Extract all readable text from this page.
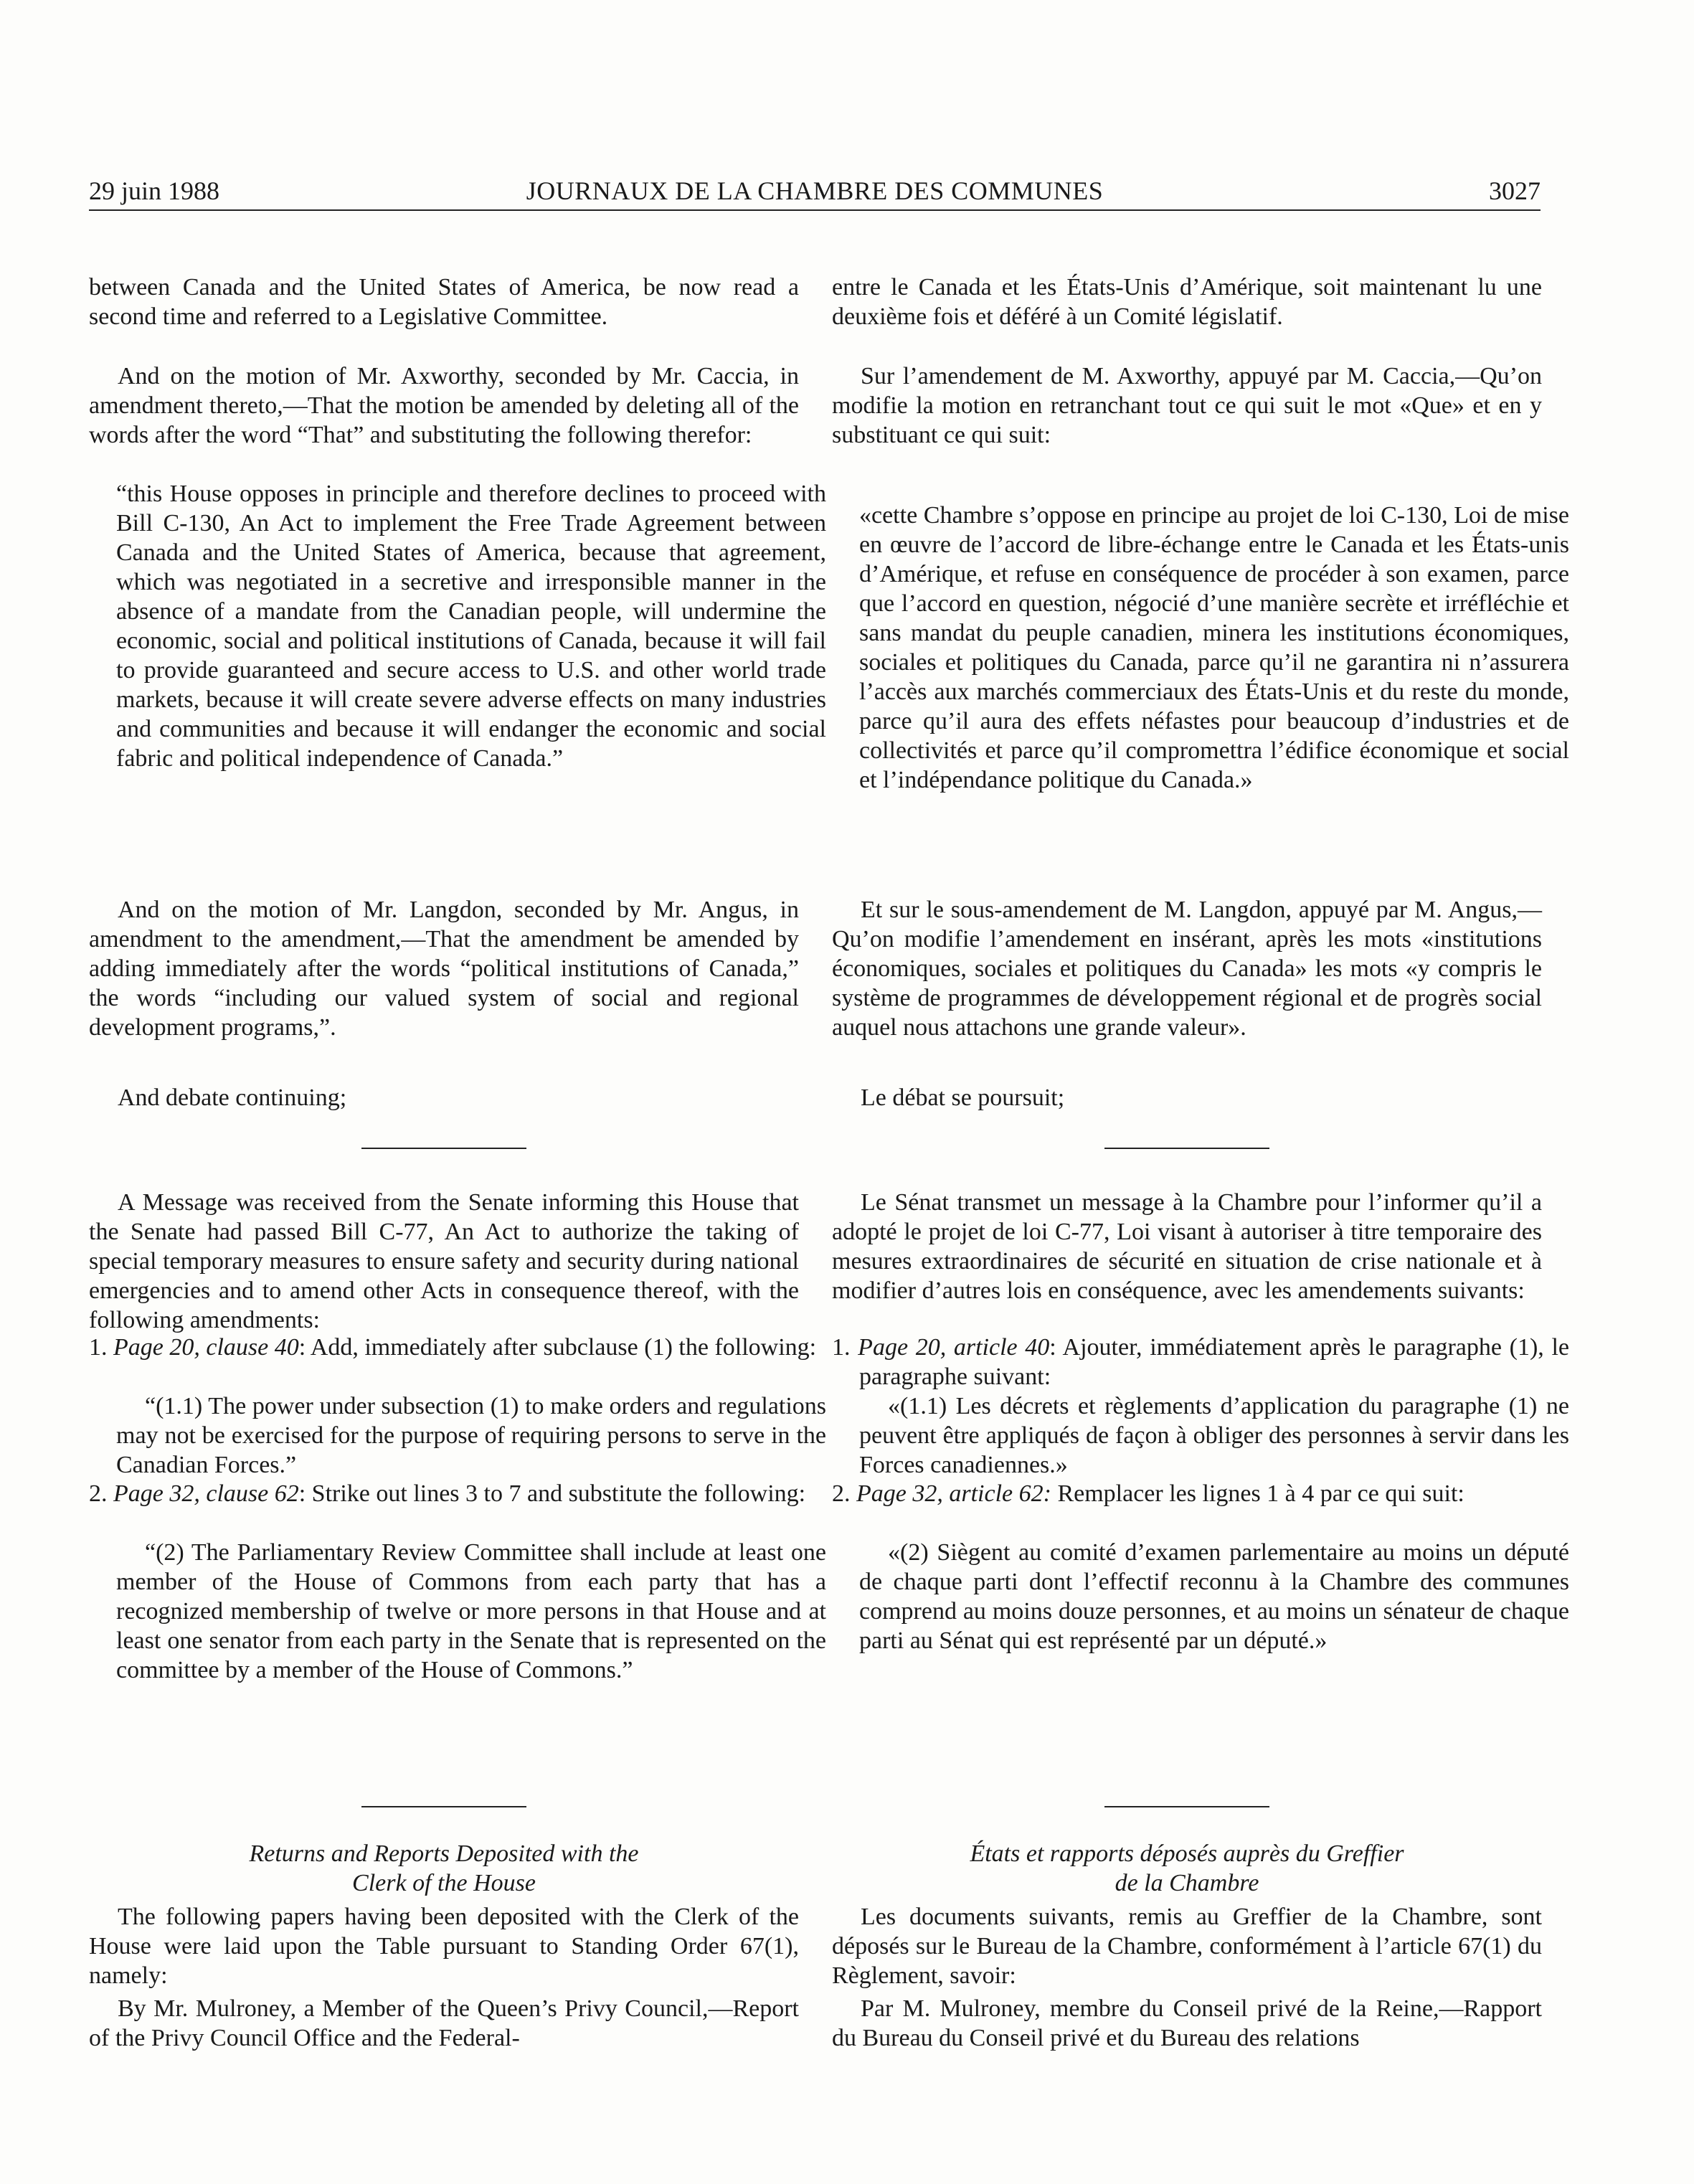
29 juin 1988	JOURNAUX DE LA CHAMBRE DES COMMUNES	3027

between Canada and the United States of America, be now read a second time and referred to a Legislative Committee.

And on the motion of Mr. Axworthy, seconded by Mr. Caccia, in amendment thereto,—That the motion be amended by deleting all of the words after the word “That” and substituting the following therefor:

“this House opposes in principle and therefore declines to proceed with Bill C-130, An Act to implement the Free Trade Agreement between Canada and the United States of America, because that agreement, which was negotiated in a secretive and irresponsible manner in the absence of a mandate from the Canadian people, will undermine the economic, social and political institutions of Canada, because it will fail to provide guaranteed and secure access to U.S. and other world trade markets, because it will create severe adverse effects on many industries and communities and because it will endanger the economic and social fabric and political independence of Canada.”

And on the motion of Mr. Langdon, seconded by Mr. Angus, in amendment to the amendment,—That the amendment be amended by adding immediately after the words “political institutions of Canada,” the words “including our valued system of social and regional development programs,”.

And debate continuing;

A Message was received from the Senate informing this House that the Senate had passed Bill C-77, An Act to authorize the taking of special temporary measures to ensure safety and security during national emergencies and to amend other Acts in consequence thereof, with the following amendments:

1. Page 20, clause 40: Add, immediately after subclause (1) the following:

“(1.1) The power under subsection (1) to make orders and regulations may not be exercised for the purpose of requiring persons to serve in the Canadian Forces.”

2. Page 32, clause 62: Strike out lines 3 to 7 and substitute the following:

“(2) The Parliamentary Review Committee shall include at least one member of the House of Commons from each party that has a recognized membership of twelve or more persons in that House and at least one senator from each party in the Senate that is represented on the committee by a member of the House of Commons.”

Returns and Reports Deposited with the
Clerk of the House

The following papers having been deposited with the Clerk of the House were laid upon the Table pursuant to Standing Order 67(1), namely:

By Mr. Mulroney, a Member of the Queen’s Privy Council,—Report of the Privy Council Office and the Federal-

entre le Canada et les États-Unis d’Amérique, soit maintenant lu une deuxième fois et déféré à un Comité législatif.

Sur l’amendement de M. Axworthy, appuyé par M. Caccia,—Qu’on modifie la motion en retranchant tout ce qui suit le mot «Que» et en y substituant ce qui suit:

«cette Chambre s’oppose en principe au projet de loi C-130, Loi de mise en œuvre de l’accord de libre-échange entre le Canada et les États-unis d’Amérique, et refuse en conséquence de procéder à son examen, parce que l’accord en question, négocié d’une manière secrète et irréfléchie et sans mandat du peuple canadien, minera les institutions économiques, sociales et politiques du Canada, parce qu’il ne garantira ni n’assurera l’accès aux marchés commerciaux des États-Unis et du reste du monde, parce qu’il aura des effets néfastes pour beaucoup d’industries et de collectivités et parce qu’il compromettra l’édifice économique et social et l’indépendance politique du Canada.»

Et sur le sous-amendement de M. Langdon, appuyé par M. Angus,—Qu’on modifie l’amendement en insérant, après les mots «institutions économiques, sociales et politiques du Canada» les mots «y compris le système de programmes de développement régional et de progrès social auquel nous attachons une grande valeur».

Le débat se poursuit;

Le Sénat transmet un message à la Chambre pour l’informer qu’il a adopté le projet de loi C-77, Loi visant à autoriser à titre temporaire des mesures extraordinaires de sécurité en situation de crise nationale et à modifier d’autres lois en conséquence, avec les amendements suivants:

1. Page 20, article 40: Ajouter, immédiatement après le paragraphe (1), le paragraphe suivant:

«(1.1) Les décrets et règlements d’application du paragraphe (1) ne peuvent être appliqués de façon à obliger des personnes à servir dans les Forces canadiennes.»

2. Page 32, article 62: Remplacer les lignes 1 à 4 par ce qui suit:

«(2) Siègent au comité d’examen parlementaire au moins un député de chaque parti dont l’effectif reconnu à la Chambre des communes comprend au moins douze personnes, et au moins un sénateur de chaque parti au Sénat qui est représenté par un député.»

États et rapports déposés auprès du Greffier
de la Chambre

Les documents suivants, remis au Greffier de la Chambre, sont déposés sur le Bureau de la Chambre, conformément à l’article 67(1) du Règlement, savoir:

Par M. Mulroney, membre du Conseil privé de la Reine,—Rapport du Bureau du Conseil privé et du Bureau des relations
